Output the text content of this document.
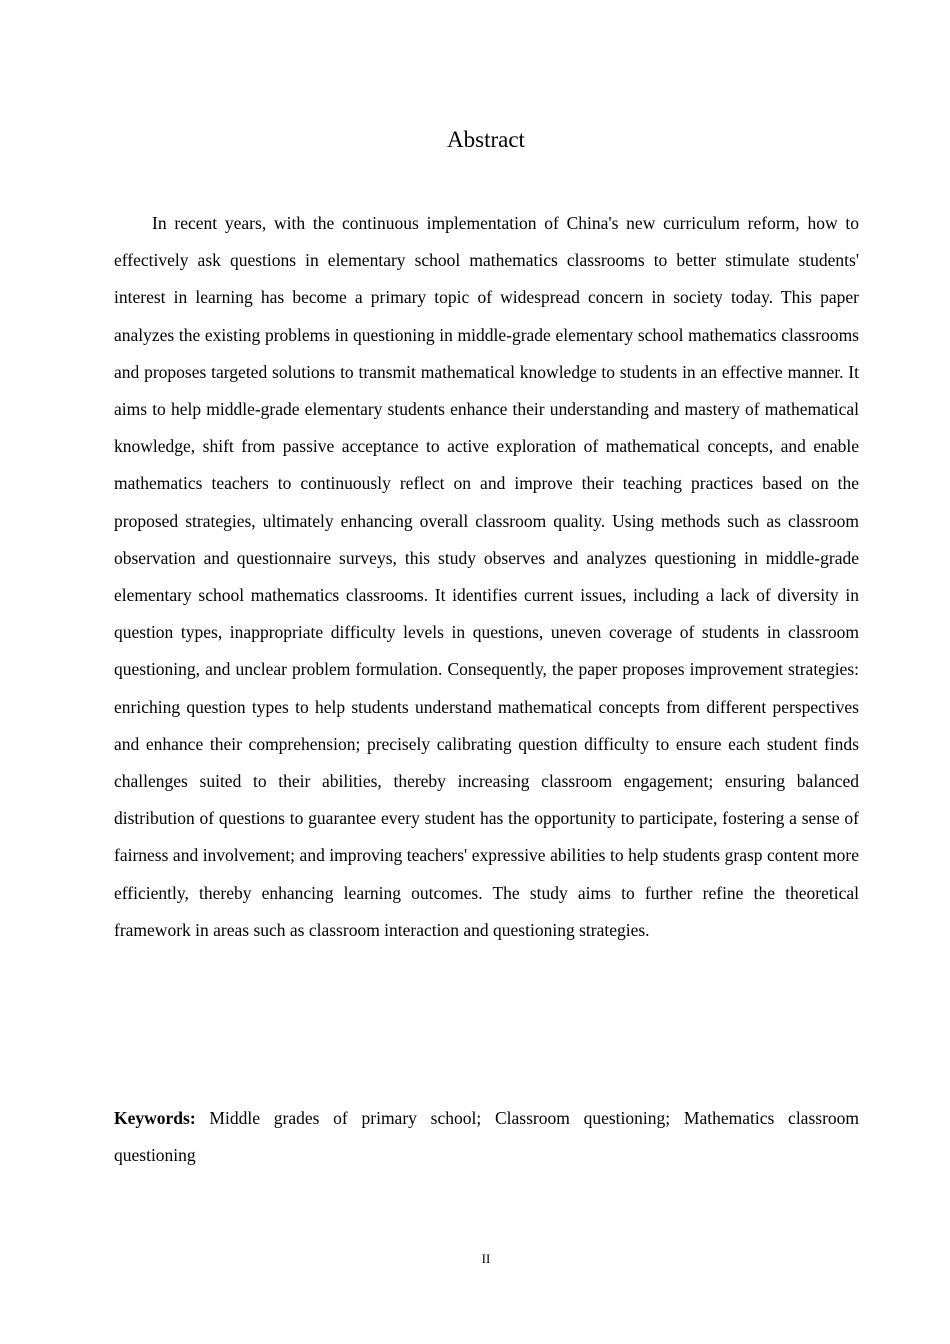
Abstract

In recent years, with the continuous implementation of China's new curriculum reform, how to effectively ask questions in elementary school mathematics classrooms to better stimulate students' interest in learning has become a primary topic of widespread concern in society today. This paper analyzes the existing problems in questioning in middle-grade elementary school mathematics classrooms and proposes targeted solutions to transmit mathematical knowledge to students in an effective manner. It aims to help middle-grade elementary students enhance their understanding and mastery of mathematical knowledge, shift from passive acceptance to active exploration of mathematical concepts, and enable mathematics teachers to continuously reflect on and improve their teaching practices based on the proposed strategies, ultimately enhancing overall classroom quality. Using methods such as classroom observation and questionnaire surveys, this study observes and analyzes questioning in middle-grade elementary school mathematics classrooms. It identifies current issues, including a lack of diversity in question types, inappropriate difficulty levels in questions, uneven coverage of students in classroom questioning, and unclear problem formulation. Consequently, the paper proposes improvement strategies: enriching question types to help students understand mathematical concepts from different perspectives and enhance their comprehension; precisely calibrating question difficulty to ensure each student finds challenges suited to their abilities, thereby increasing classroom engagement; ensuring balanced distribution of questions to guarantee every student has the opportunity to participate, fostering a sense of fairness and involvement; and improving teachers' expressive abilities to help students grasp content more efficiently, thereby enhancing learning outcomes. The study aims to further refine the theoretical framework in areas such as classroom interaction and questioning strategies.

Keywords: Middle grades of primary school; Classroom questioning; Mathematics classroom questioning

II
